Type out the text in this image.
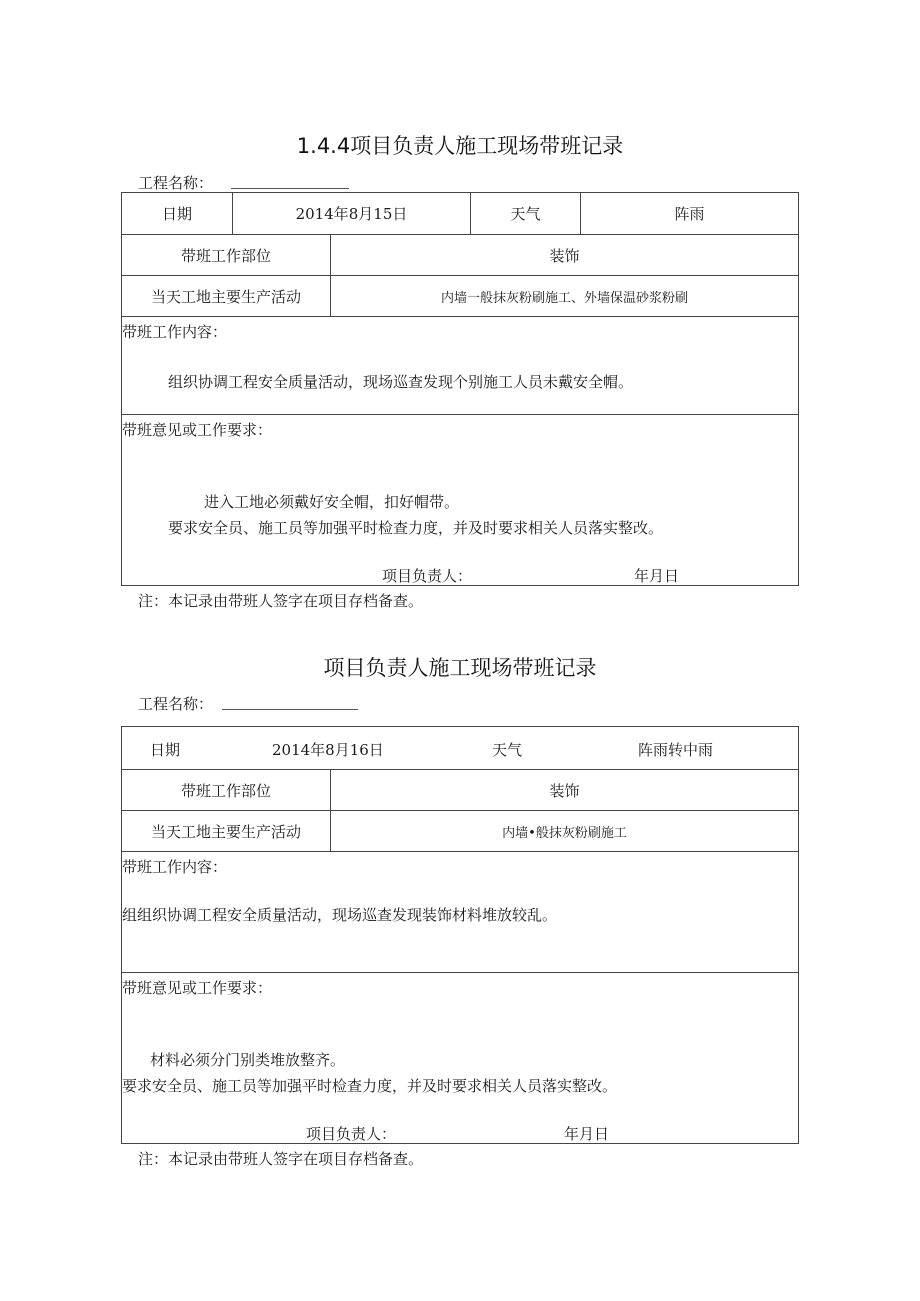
1.4.4项目负责人施工现场带班记录
工程名称：
日期	2014年8月15日	天气	阵雨
带班工作部位	装饰
当天工地主要生产活动	内墙一般抹灰粉刷施工、外墙保温砂浆粉刷
带班工作内容：
组织协调工程安全质量活动，现场巡查发现个别施工人员未戴安全帽。
带班意见或工作要求：
进入工地必须戴好安全帽，扣好帽带。
要求安全员、施工员等加强平时检查力度，并及时要求相关人员落实整改。
项目负责人：	年月日
注：本记录由带班人签字在项目存档备查。
项目负责人施工现场带班记录
工程名称：
日期	2014年8月16日	天气	阵雨转中雨
带班工作部位	装饰
当天工地主要生产活动	内墙•般抹灰粉刷施工
带班工作内容：
组组织协调工程安全质量活动，现场巡查发现装饰材料堆放较乱。
带班意见或工作要求：
材料必须分门别类堆放整齐。
要求安全员、施工员等加强平时检查力度，并及时要求相关人员落实整改。
项目负责人：	年月日
注：本记录由带班人签字在项目存档备查。
